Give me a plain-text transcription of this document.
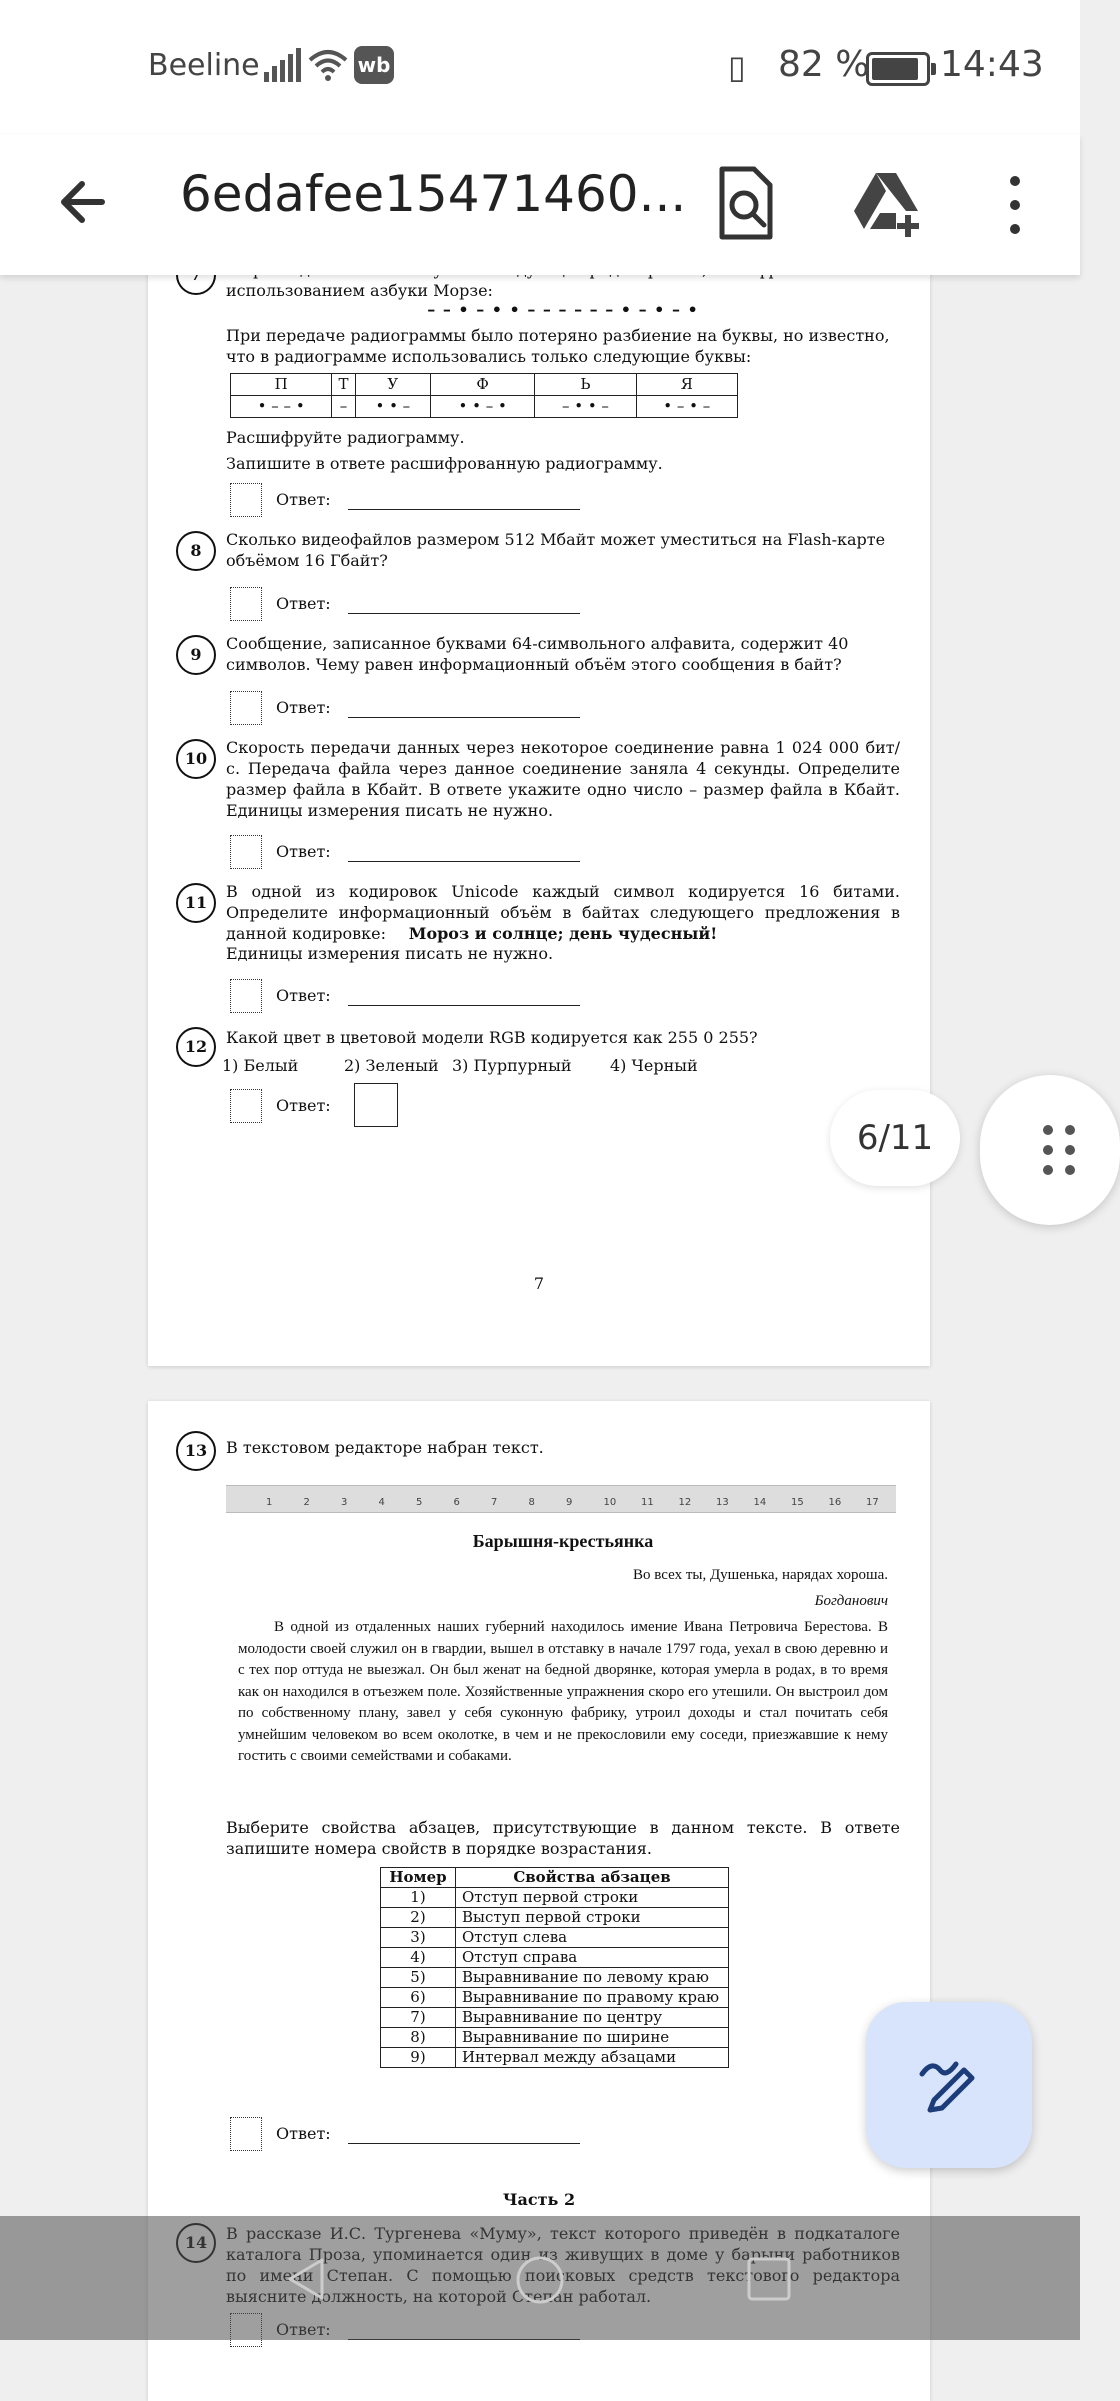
Beeline	wb	▯ 82 % 14:43
6edafee15471460...
использованием азбуки Морзе:
– – • – • • – – – – – – • – • – •
При передаче радиограммы было потеряно разбиение на буквы, но известно, что в радиограмме использовались только следующие буквы:
П	Т	У	Ф	Ь	Я
• – – •	–	• • –	• • – •	– • • –	• – • –
Расшифруйте радиограмму.
Запишите в ответе расшифрованную радиограмму.
Ответ:
8
Сколько видеофайлов размером 512 Мбайт может уместиться на Flash-карте объёмом 16 Гбайт?
Ответ:
9
Сообщение, записанное буквами 64-символьного алфавита, содержит 40 символов. Чему равен информационный объём этого сообщения в байт?
Ответ:
10
Скорость передачи данных через некоторое соединение равна 1 024 000 бит/с. Передача файла через данное соединение заняла 4 секунды. Определите размер файла в Кбайт. В ответе укажите одно число – размер файла в Кбайт. Единицы измерения писать не нужно.
Ответ:
11
В одной из кодировок Unicode каждый символ кодируется 16 битами. Определите информационный объём в байтах следующего предложения в данной кодировке:	Мороз и солнце; день чудесный!
Единицы измерения писать не нужно.
Ответ:
12	Какой цвет в цветовой модели RGB кодируется как 255 0 255?
1) Белый	2) Зеленый 3) Пурпурный 4) Черный
Ответ:
7
13	В текстовом редакторе набран текст.
1	2	3	4	5	6	7	8	9	10 11 12 13 14 15 16 17
Барышня-крестьянка
Во всех ты, Душенька, нарядах хороша.
Богданович
В одной из отдаленных наших губерний находилось имение Ивана Петровича Берестова. В молодости своей служил он в гвардии, вышел в отставку в начале 1797 года, уехал в свою деревню и с тех пор оттуда не выезжал. Он был женат на бедной дворянке, которая умерла в родах, в то время как он находился в отъезжем поле. Хозяйственные упражнения скоро его утешили. Он выстроил дом по собственному плану, завел у себя суконную фабрику, утроил доходы и стал почитать себя умнейшим человеком во всем околотке, в чем и не прекословили ему соседи, приезжавшие к нему гостить с своими семействами и собаками.
Выберите свойства абзацев, присутствующие в данном тексте. В ответе запишите номера свойств в порядке возрастания.
Номер	Свойства абзацев
1)	Отступ первой строки
2)	Выступ первой строки
3)	Отступ слева
4)	Отступ справа
5)	Выравнивание по левому краю
6)	Выравнивание по правому краю
7)	Выравнивание по центру
8)	Выравнивание по ширине
9)	Интервал между абзацами
Ответ:
Часть 2
6/11
